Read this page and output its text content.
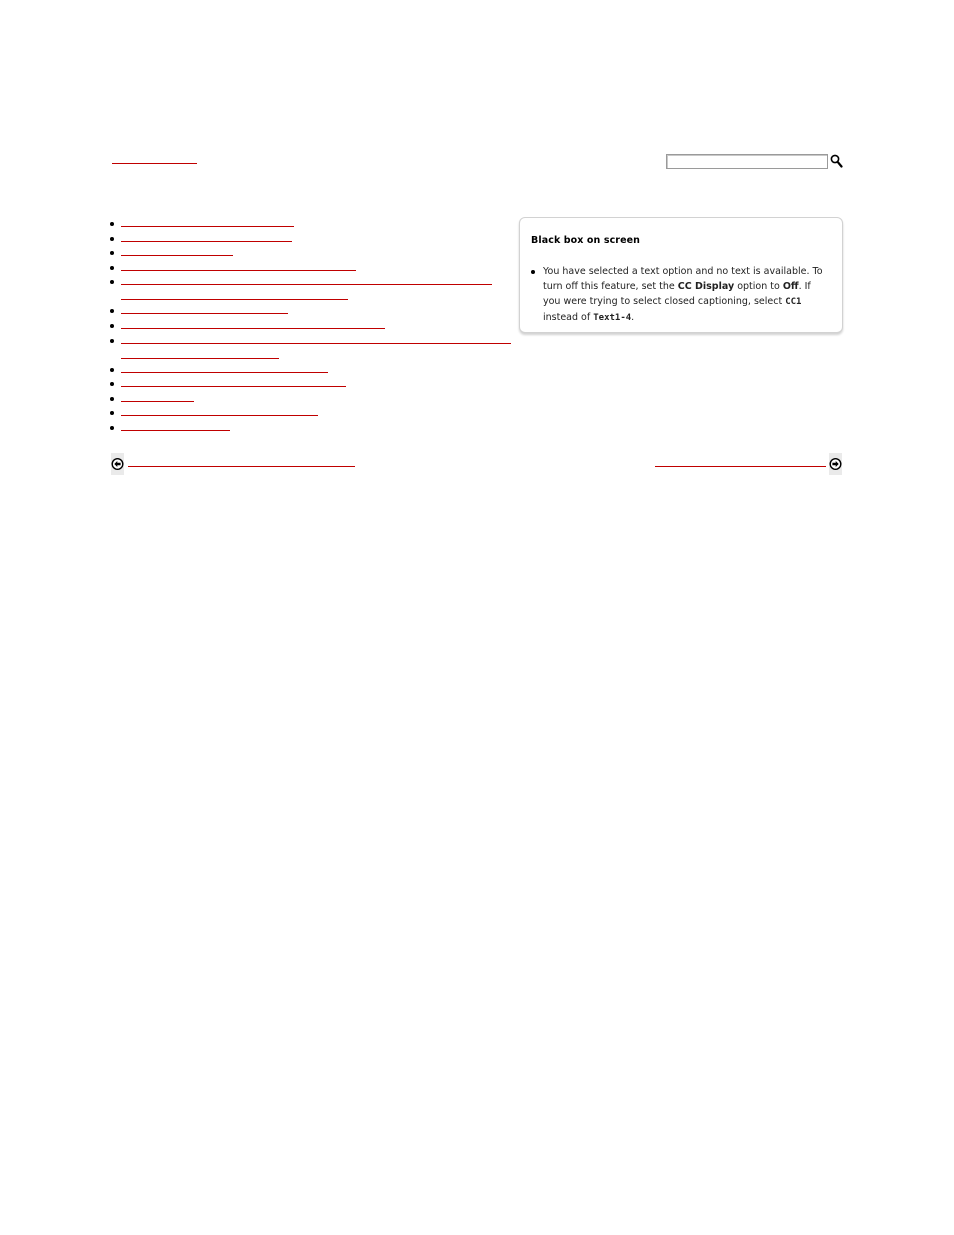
Black box on screen
You have selected a text option and no text is available. To turn off this feature, set the CC Display option to Off. If you were trying to select closed captioning, select CC1 instead of Text1-4.
